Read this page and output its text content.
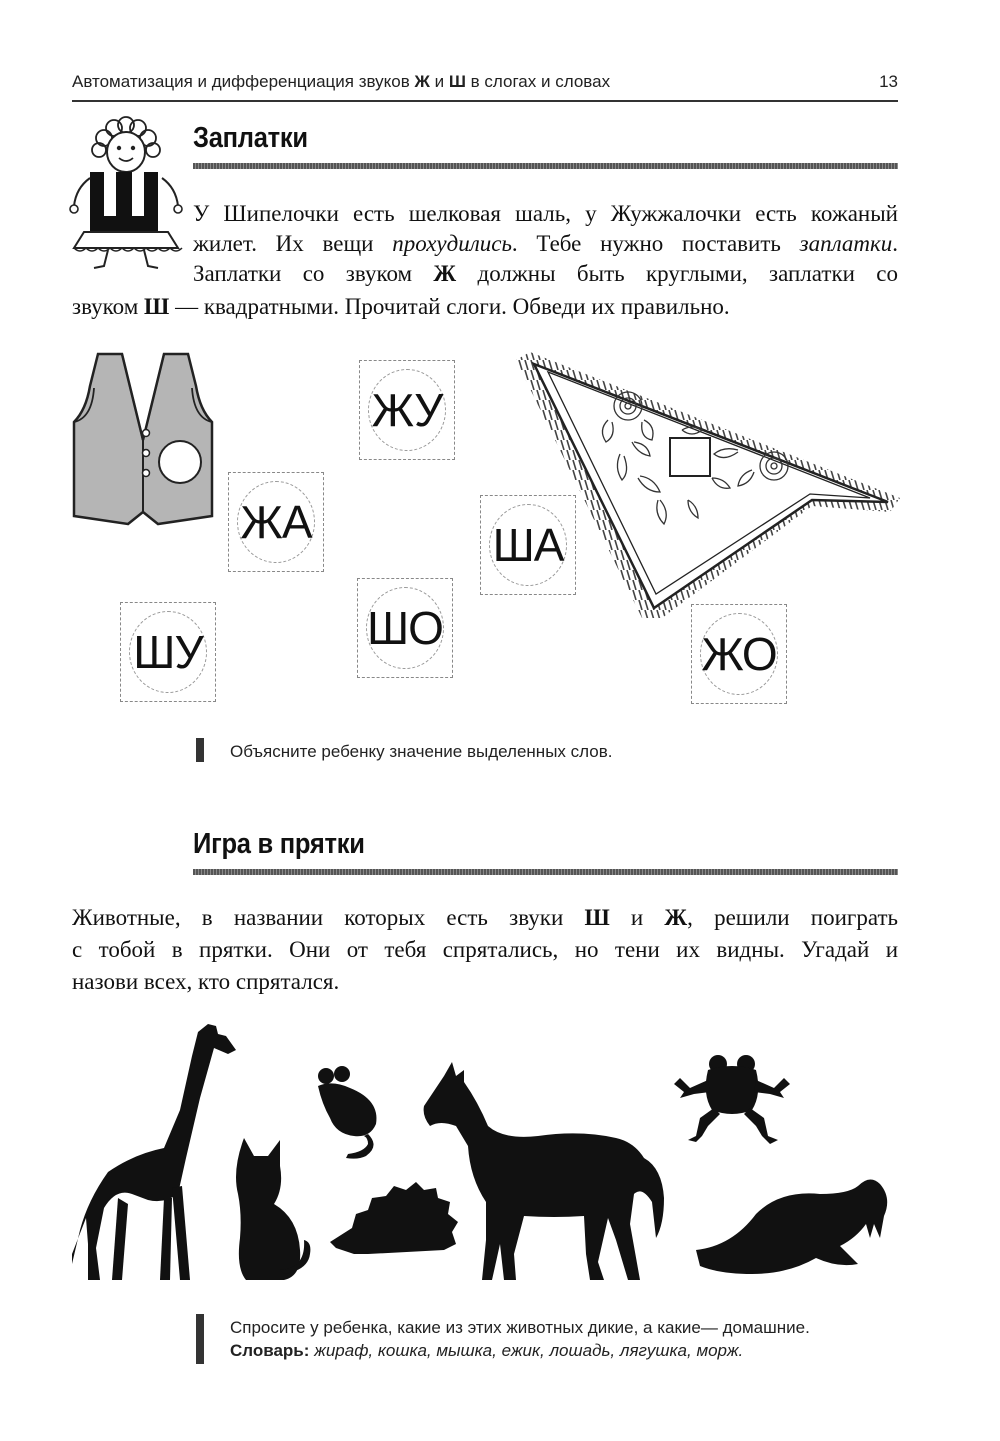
Автоматизация и дифференциация звуков Ж и Ш в слогах и словах	13
Заплатки
У Шипелочки есть шелковая шаль, у Жужжалочки есть кожаный
жилет. Их вещи прохудились. Тебе нужно поставить заплатки.
Заплатки со звуком Ж должны быть круглыми, заплатки со
звуком Ш — квадратными. Прочитай слоги. Обведи их правильно.
ЖУ
ЖА	ША
ШУ	ШО	ЖО
Объясните ребенку значение выделенных слов.
Игра в прятки
Животные, в названии которых есть звуки Ш и Ж, решили поиграть
с тобой в прятки. Они от тебя спрятались, но тени их видны. Угадай и
назови всех, кто спрятался.
Спросите у ребенка, какие из этих животных дикие, а какие— домашние.
Словарь: жираф, кошка, мышка, ежик, лошадь, лягушка, морж.
